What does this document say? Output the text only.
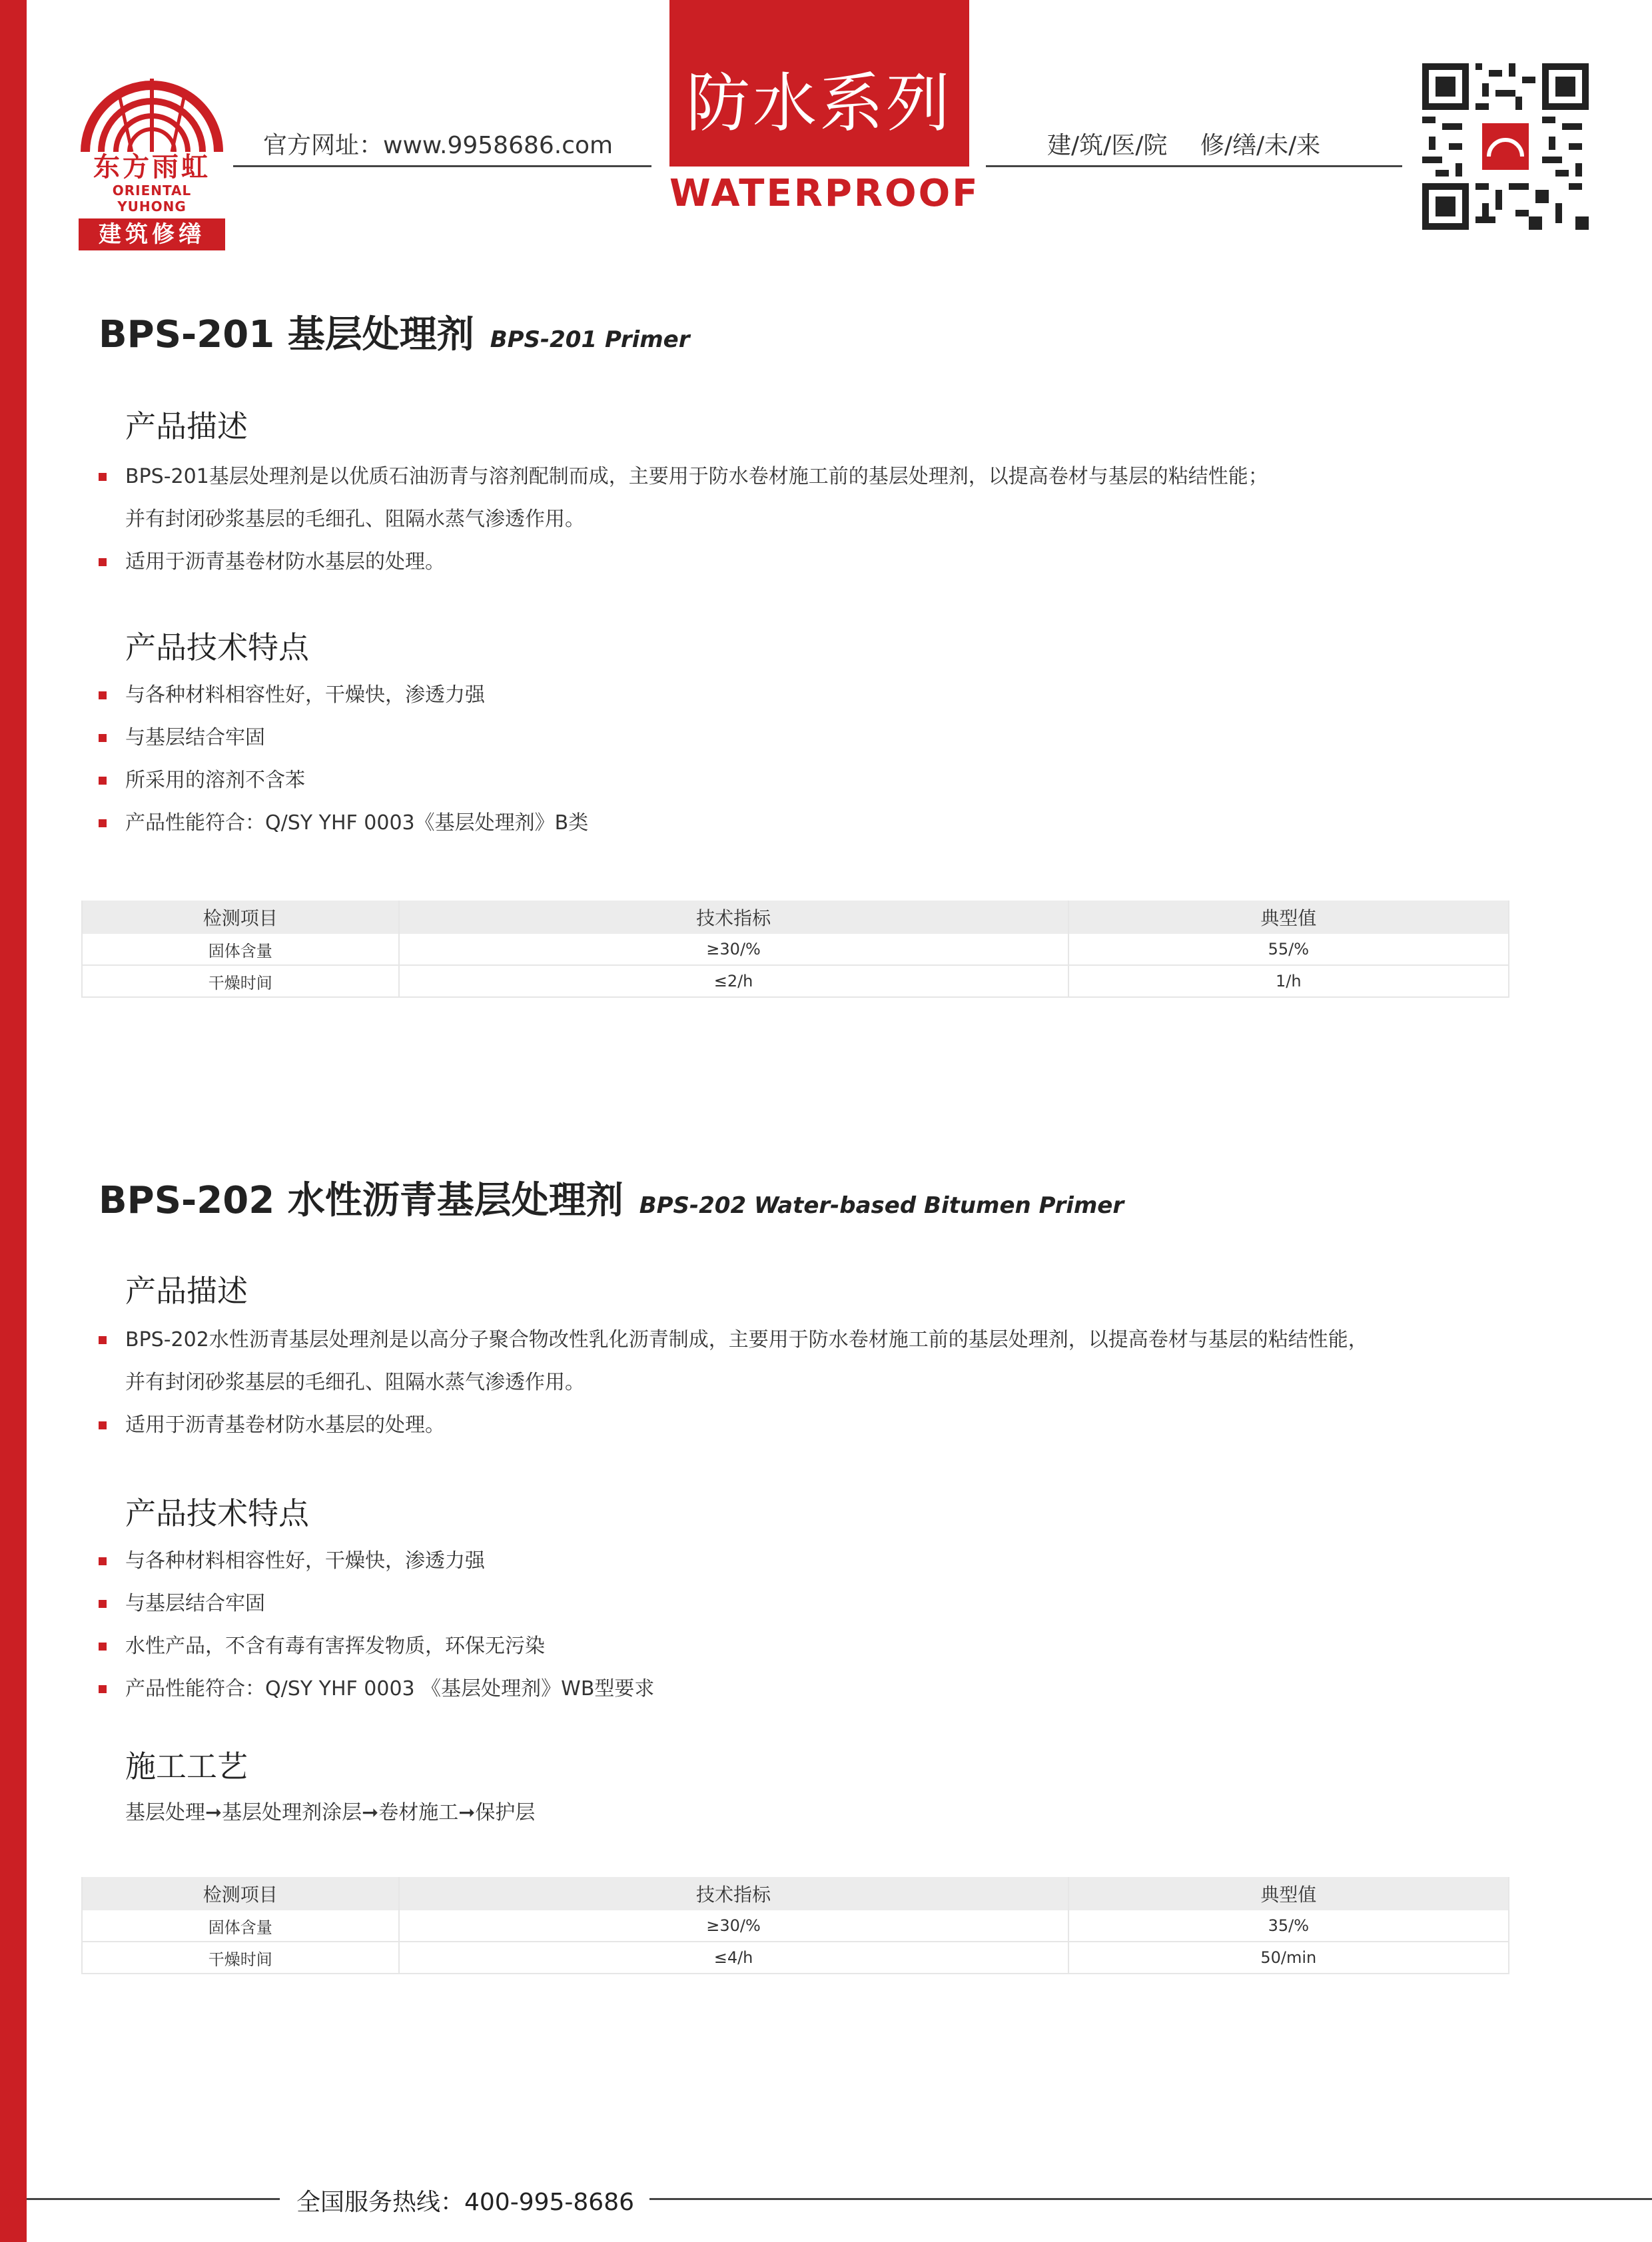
东方雨虹
ORIENTAL YUHONG
建筑修缮
官方网址：www.9958686.com
防水系列
WATERPROOF
建/筑/医/院 修/缮/未/来
BPS-201 基层处理剂 BPS-201 Primer
产品描述
BPS-201基层处理剂是以优质石油沥青与溶剂配制而成，主要用于防水卷材施工前的基层处理剂，以提高卷材与基层的粘结性能；
并有封闭砂浆基层的毛细孔、阻隔水蒸气渗透作用。
适用于沥青基卷材防水基层的处理。
产品技术特点
与各种材料相容性好，干燥快，渗透力强
与基层结合牢固
所采用的溶剂不含苯
产品性能符合：Q/SY YHF 0003《基层处理剂》B类
检测项目	技术指标	典型值
固体含量	≥30/%	55/%
干燥时间	≤2/h	1/h
BPS-202 水性沥青基层处理剂 BPS-202 Water-based Bitumen Primer
产品描述
BPS-202水性沥青基层处理剂是以高分子聚合物改性乳化沥青制成，主要用于防水卷材施工前的基层处理剂，以提高卷材与基层的粘结性能，
并有封闭砂浆基层的毛细孔、阻隔水蒸气渗透作用。
适用于沥青基卷材防水基层的处理。
产品技术特点
与各种材料相容性好，干燥快，渗透力强
与基层结合牢固
水性产品，不含有毒有害挥发物质，环保无污染
产品性能符合：Q/SY YHF 0003 《基层处理剂》WB型要求
施工工艺
基层处理➞基层处理剂涂层➞卷材施工➞保护层
检测项目	技术指标	典型值
固体含量	≥30/%	35/%
干燥时间	≤4/h	50/min
全国服务热线：400-995-8686
